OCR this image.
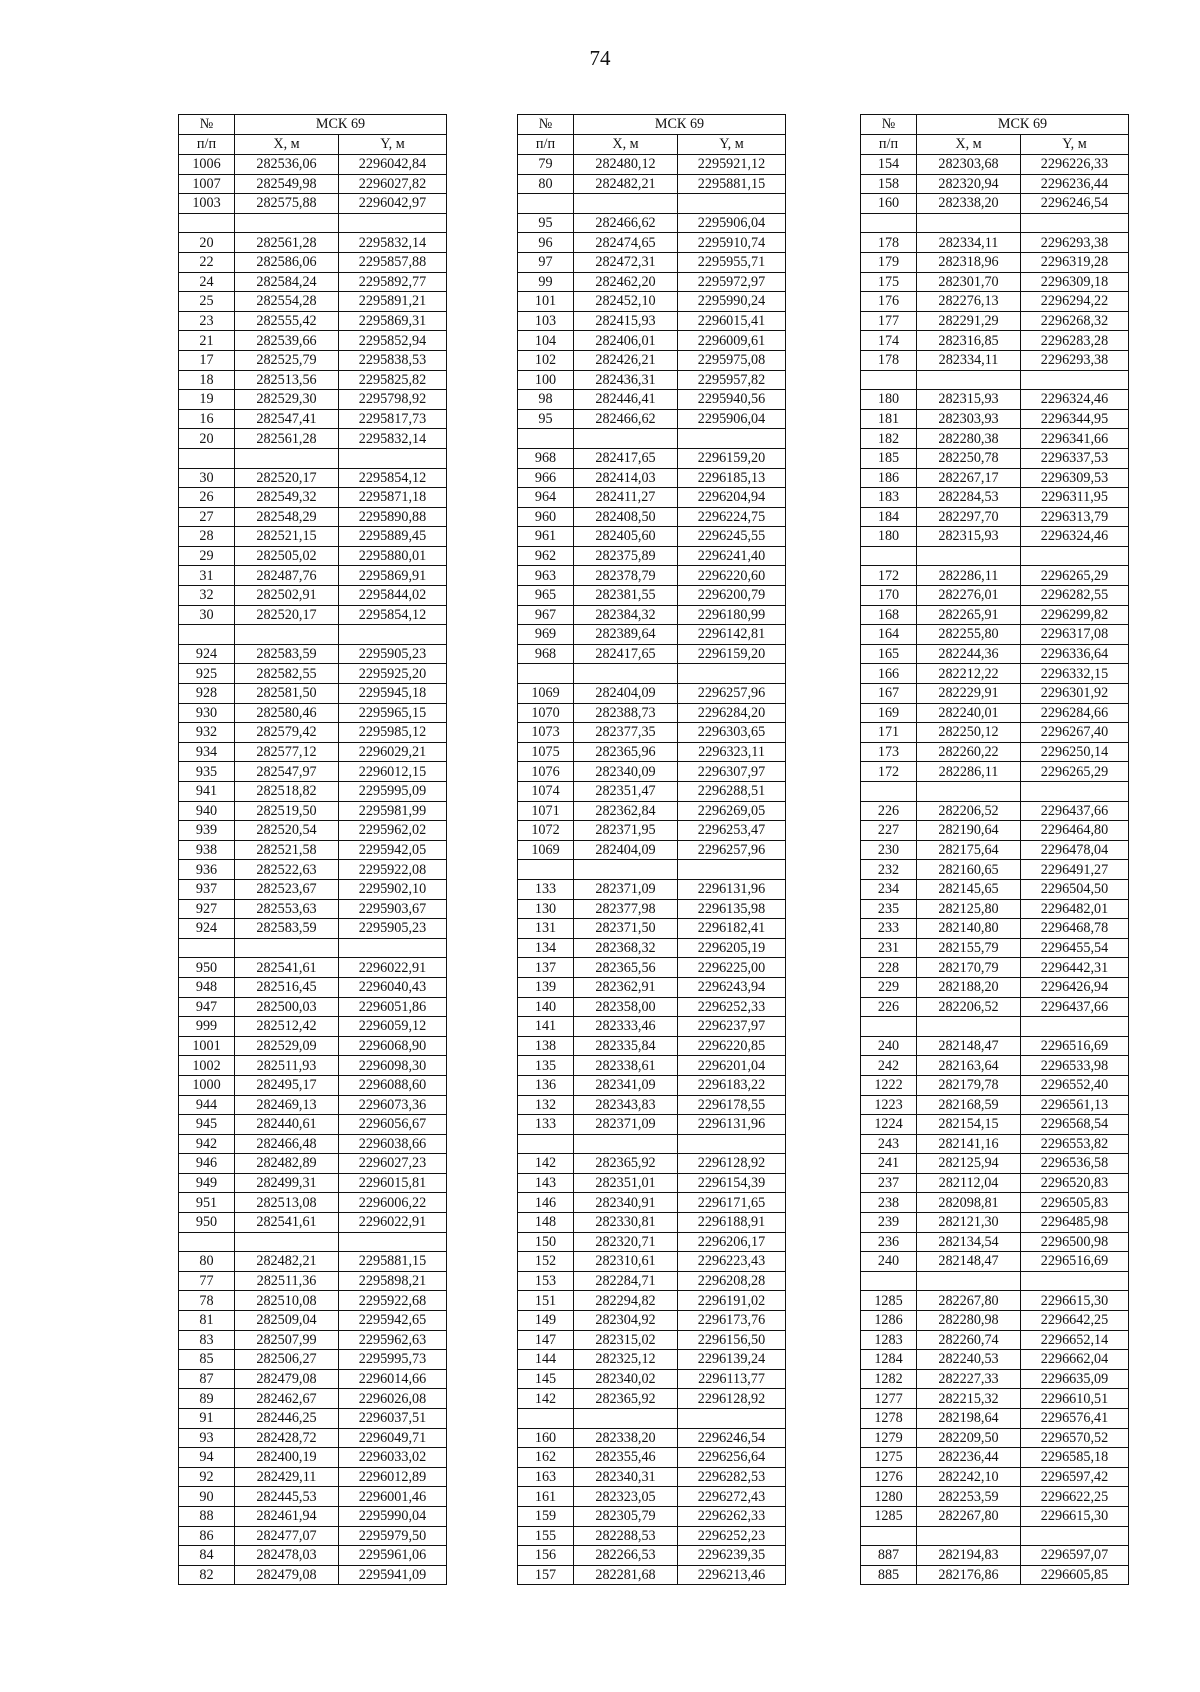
74
№	МСК 69	
п/п	X, м	Y, м
1006	282536,06	2296042,84
1007	282549,98	2296027,82
1003	282575,88	2296042,97

20	282561,28	2295832,14
22	282586,06	2295857,88
24	282584,24	2295892,77
25	282554,28	2295891,21
23	282555,42	2295869,31
21	282539,66	2295852,94
17	282525,79	2295838,53
18	282513,56	2295825,82
19	282529,30	2295798,92
16	282547,41	2295817,73
20	282561,28	2295832,14

30	282520,17	2295854,12
26	282549,32	2295871,18
27	282548,29	2295890,88
28	282521,15	2295889,45
29	282505,02	2295880,01
31	282487,76	2295869,91
32	282502,91	2295844,02
30	282520,17	2295854,12

924	282583,59	2295905,23
925	282582,55	2295925,20
928	282581,50	2295945,18
930	282580,46	2295965,15
932	282579,42	2295985,12
934	282577,12	2296029,21
935	282547,97	2296012,15
941	282518,82	2295995,09
940	282519,50	2295981,99
939	282520,54	2295962,02
938	282521,58	2295942,05
936	282522,63	2295922,08
937	282523,67	2295902,10
927	282553,63	2295903,67
924	282583,59	2295905,23

950	282541,61	2296022,91
948	282516,45	2296040,43
947	282500,03	2296051,86
999	282512,42	2296059,12
1001	282529,09	2296068,90
1002	282511,93	2296098,30
1000	282495,17	2296088,60
944	282469,13	2296073,36
945	282440,61	2296056,67
942	282466,48	2296038,66
946	282482,89	2296027,23
949	282499,31	2296015,81
951	282513,08	2296006,22
950	282541,61	2296022,91

80	282482,21	2295881,15
77	282511,36	2295898,21
78	282510,08	2295922,68
81	282509,04	2295942,65
83	282507,99	2295962,63
85	282506,27	2295995,73
87	282479,08	2296014,66
89	282462,67	2296026,08
91	282446,25	2296037,51
93	282428,72	2296049,71
94	282400,19	2296033,02
92	282429,11	2296012,89
90	282445,53	2296001,46
88	282461,94	2295990,04
86	282477,07	2295979,50
84	282478,03	2295961,06
82	282479,08	2295941,09
№	МСК 69	
п/п	X, м	Y, м
79	282480,12	2295921,12
80	282482,21	2295881,15

95	282466,62	2295906,04
96	282474,65	2295910,74
97	282472,31	2295955,71
99	282462,20	2295972,97
101	282452,10	2295990,24
103	282415,93	2296015,41
104	282406,01	2296009,61
102	282426,21	2295975,08
100	282436,31	2295957,82
98	282446,41	2295940,56
95	282466,62	2295906,04

968	282417,65	2296159,20
966	282414,03	2296185,13
964	282411,27	2296204,94
960	282408,50	2296224,75
961	282405,60	2296245,55
962	282375,89	2296241,40
963	282378,79	2296220,60
965	282381,55	2296200,79
967	282384,32	2296180,99
969	282389,64	2296142,81
968	282417,65	2296159,20

1069	282404,09	2296257,96
1070	282388,73	2296284,20
1073	282377,35	2296303,65
1075	282365,96	2296323,11
1076	282340,09	2296307,97
1074	282351,47	2296288,51
1071	282362,84	2296269,05
1072	282371,95	2296253,47
1069	282404,09	2296257,96

133	282371,09	2296131,96
130	282377,98	2296135,98
131	282371,50	2296182,41
134	282368,32	2296205,19
137	282365,56	2296225,00
139	282362,91	2296243,94
140	282358,00	2296252,33
141	282333,46	2296237,97
138	282335,84	2296220,85
135	282338,61	2296201,04
136	282341,09	2296183,22
132	282343,83	2296178,55
133	282371,09	2296131,96

142	282365,92	2296128,92
143	282351,01	2296154,39
146	282340,91	2296171,65
148	282330,81	2296188,91
150	282320,71	2296206,17
152	282310,61	2296223,43
153	282284,71	2296208,28
151	282294,82	2296191,02
149	282304,92	2296173,76
147	282315,02	2296156,50
144	282325,12	2296139,24
145	282340,02	2296113,77
142	282365,92	2296128,92

160	282338,20	2296246,54
162	282355,46	2296256,64
163	282340,31	2296282,53
161	282323,05	2296272,43
159	282305,79	2296262,33
155	282288,53	2296252,23
156	282266,53	2296239,35
157	282281,68	2296213,46
№	МСК 69	
п/п	X, м	Y, м
154	282303,68	2296226,33
158	282320,94	2296236,44
160	282338,20	2296246,54

178	282334,11	2296293,38
179	282318,96	2296319,28
175	282301,70	2296309,18
176	282276,13	2296294,22
177	282291,29	2296268,32
174	282316,85	2296283,28
178	282334,11	2296293,38

180	282315,93	2296324,46
181	282303,93	2296344,95
182	282280,38	2296341,66
185	282250,78	2296337,53
186	282267,17	2296309,53
183	282284,53	2296311,95
184	282297,70	2296313,79
180	282315,93	2296324,46

172	282286,11	2296265,29
170	282276,01	2296282,55
168	282265,91	2296299,82
164	282255,80	2296317,08
165	282244,36	2296336,64
166	282212,22	2296332,15
167	282229,91	2296301,92
169	282240,01	2296284,66
171	282250,12	2296267,40
173	282260,22	2296250,14
172	282286,11	2296265,29

226	282206,52	2296437,66
227	282190,64	2296464,80
230	282175,64	2296478,04
232	282160,65	2296491,27
234	282145,65	2296504,50
235	282125,80	2296482,01
233	282140,80	2296468,78
231	282155,79	2296455,54
228	282170,79	2296442,31
229	282188,20	2296426,94
226	282206,52	2296437,66

240	282148,47	2296516,69
242	282163,64	2296533,98
1222	282179,78	2296552,40
1223	282168,59	2296561,13
1224	282154,15	2296568,54
243	282141,16	2296553,82
241	282125,94	2296536,58
237	282112,04	2296520,83
238	282098,81	2296505,83
239	282121,30	2296485,98
236	282134,54	2296500,98
240	282148,47	2296516,69

1285	282267,80	2296615,30
1286	282280,98	2296642,25
1283	282260,74	2296652,14
1284	282240,53	2296662,04
1282	282227,33	2296635,09
1277	282215,32	2296610,51
1278	282198,64	2296576,41
1279	282209,50	2296570,52
1275	282236,44	2296585,18
1276	282242,10	2296597,42
1280	282253,59	2296622,25
1285	282267,80	2296615,30

887	282194,83	2296597,07
885	282176,86	2296605,85
